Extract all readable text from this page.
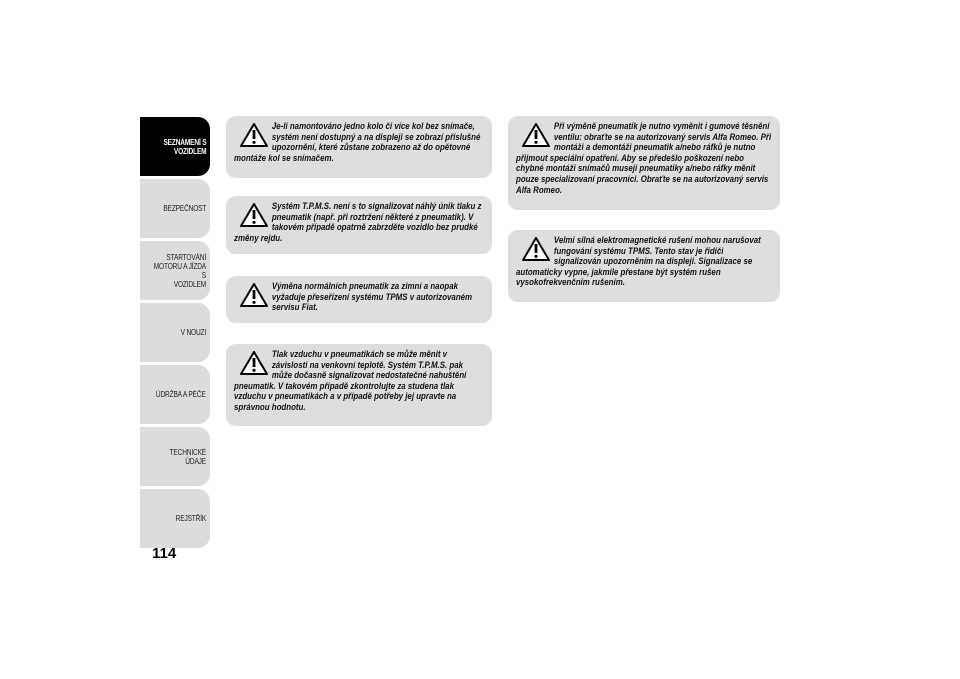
SEZNÁMENÍ S
VOZIDLEM
BEZPEČNOST
STARTOVÁNÍ
MOTORU A JÍZDA S
VOZIDLEM
V NOUZI
ÚDRŽBA A PÉČE
TECHNICKÉ ÚDAJE
REJSTŘÍK
114
Je-li namontováno jedno kolo či více kol bez snímače, systém není dostupný a na displeji se zobrazí příslušné upozornění, které zůstane zobrazeno až do opětovné montáže kol se snímačem.
Systém T.P.M.S. není s to signalizovat náhlý únik tlaku z pneumatik (např. při roztržení některé z pneumatik). V takovém případě opatrně zabrzděte vozidlo bez prudké změny rejdu.
Výměna normálních pneumatik za zimní a naopak vyžaduje přeseřízení systému TPMS v autorizovaném servisu Fiat.
Tlak vzduchu v pneumatikách se může měnit v závislosti na venkovní teplotě. Systém T.P.M.S. pak může dočasně signalizovat nedostatečné nahuštění pneumatik. V takovém případě zkontrolujte za studena tlak vzduchu v pneumatikách a v případě potřeby jej upravte na správnou hodnotu.
Při výměně pneumatik je nutno vyměnit i gumové těsnění ventilu: obraťte se na autorizovaný servis Alfa Romeo. Při montáži a demontáži pneumatik a/nebo ráfků je nutno přijmout speciální opatření. Aby se předešlo poškození nebo chybné montáži snímačů musejí pneumatiky a/nebo ráfky měnit pouze specializovaní pracovníci. Obraťte se na autorizovaný servis Alfa Romeo.
Velmi silná elektromagnetické rušení mohou narušovat fungování systému TPMS. Tento stav je řidiči signalizován upozorněním na displeji. Signalizace se automaticky vypne, jakmile přestane být systém rušen vysokofrekvenčním rušením.
